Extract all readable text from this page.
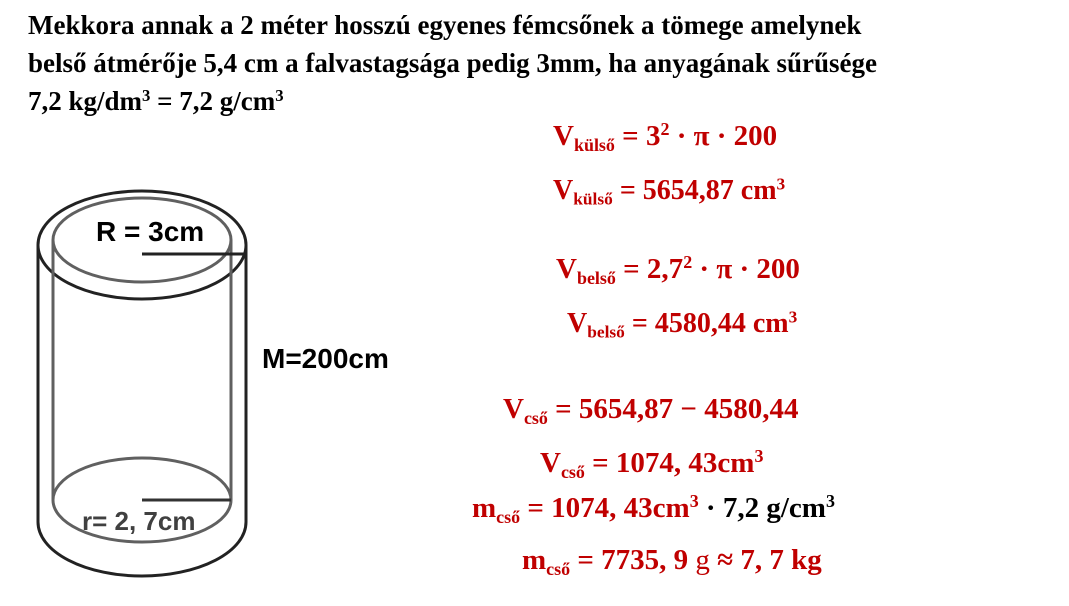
Mekkora annak a 2 méter hosszú egyenes fémcsőnek a tömege amelynek
belső átmérője 5,4 cm a falvastagsága pedig 3mm, ha anyagának sűrűsége
7,2 $kg/dm^3 = 7,2$ $g/cm^3$
R = 3cm
M=200cm
r= 2, 7cm
$V_{külső} = 3^2 \cdot \pi \cdot 200$
$V_{külső} = 5654,87$ $cm^3$
$V_{belső} = 2,7^2 \cdot \pi \cdot 200$
$V_{belső} = 4580,44$ $cm^3$
$V_{cső} = 5654,87 - 4580,44$
$V_{cső} = 1074$, $43cm^3$
$m_{cső} = 1074$, $43cm^3 \cdot 7,2$ $g/cm^3$
$m_{cső} = 7735$, 9 g ≈ 7, 7 kg
